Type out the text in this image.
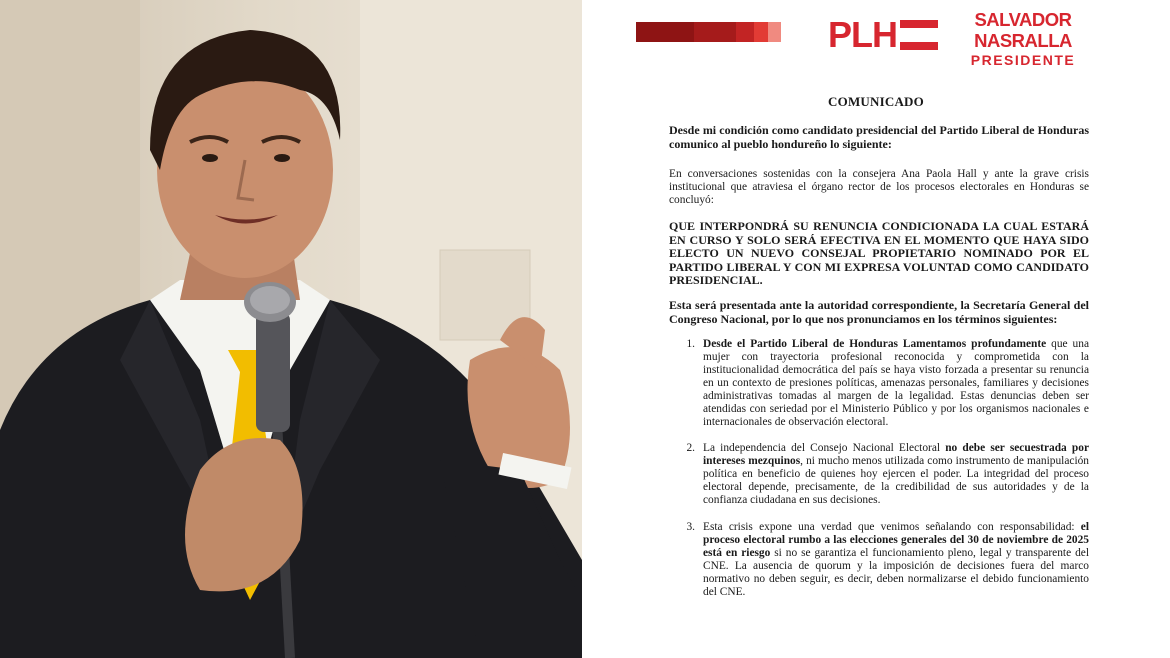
PLH	SALVADOR
NASRALLA
PRESIDENTE
COMUNICADO
Desde mi condición como candidato presidencial del Partido Liberal de Honduras comunico al pueblo hondureño lo siguiente:
En conversaciones sostenidas con la consejera Ana Paola Hall y ante la grave crisis institucional que atraviesa el órgano rector de los procesos electorales en Honduras se concluyó:
QUE INTERPONDRÁ SU RENUNCIA CONDICIONADA LA CUAL ESTARÁ EN CURSO Y SOLO SERÁ EFECTIVA EN EL MOMENTO QUE HAYA SIDO ELECTO UN NUEVO CONSEJAL PROPIETARIO NOMINADO POR EL PARTIDO LIBERAL Y CON MI EXPRESA VOLUNTAD COMO CANDIDATO PRESIDENCIAL.
Esta será presentada ante la autoridad correspondiente, la Secretaría General del Congreso Nacional, por lo que nos pronunciamos en los términos siguientes:
1. Desde el Partido Liberal de Honduras Lamentamos profundamente que una mujer con trayectoria profesional reconocida y comprometida con la institucionalidad democrática del país se haya visto forzada a presentar su renuncia en un contexto de presiones políticas, amenazas personales, familiares y decisiones administrativas tomadas al margen de la legalidad. Estas denuncias deben ser atendidas con seriedad por el Ministerio Público y por los organismos nacionales e internacionales de observación electoral.
2. La independencia del Consejo Nacional Electoral no debe ser secuestrada por intereses mezquinos, ni mucho menos utilizada como instrumento de manipulación política en beneficio de quienes hoy ejercen el poder. La integridad del proceso electoral depende, precisamente, de la credibilidad de sus autoridades y de la confianza ciudadana en sus decisiones.
3. Esta crisis expone una verdad que venimos señalando con responsabilidad: el proceso electoral rumbo a las elecciones generales del 30 de noviembre de 2025 está en riesgo si no se garantiza el funcionamiento pleno, legal y transparente del CNE. La ausencia de quorum y la imposición de decisiones fuera del marco normativo no deben seguir, es decir, deben normalizarse el debido funcionamiento del CNE.
